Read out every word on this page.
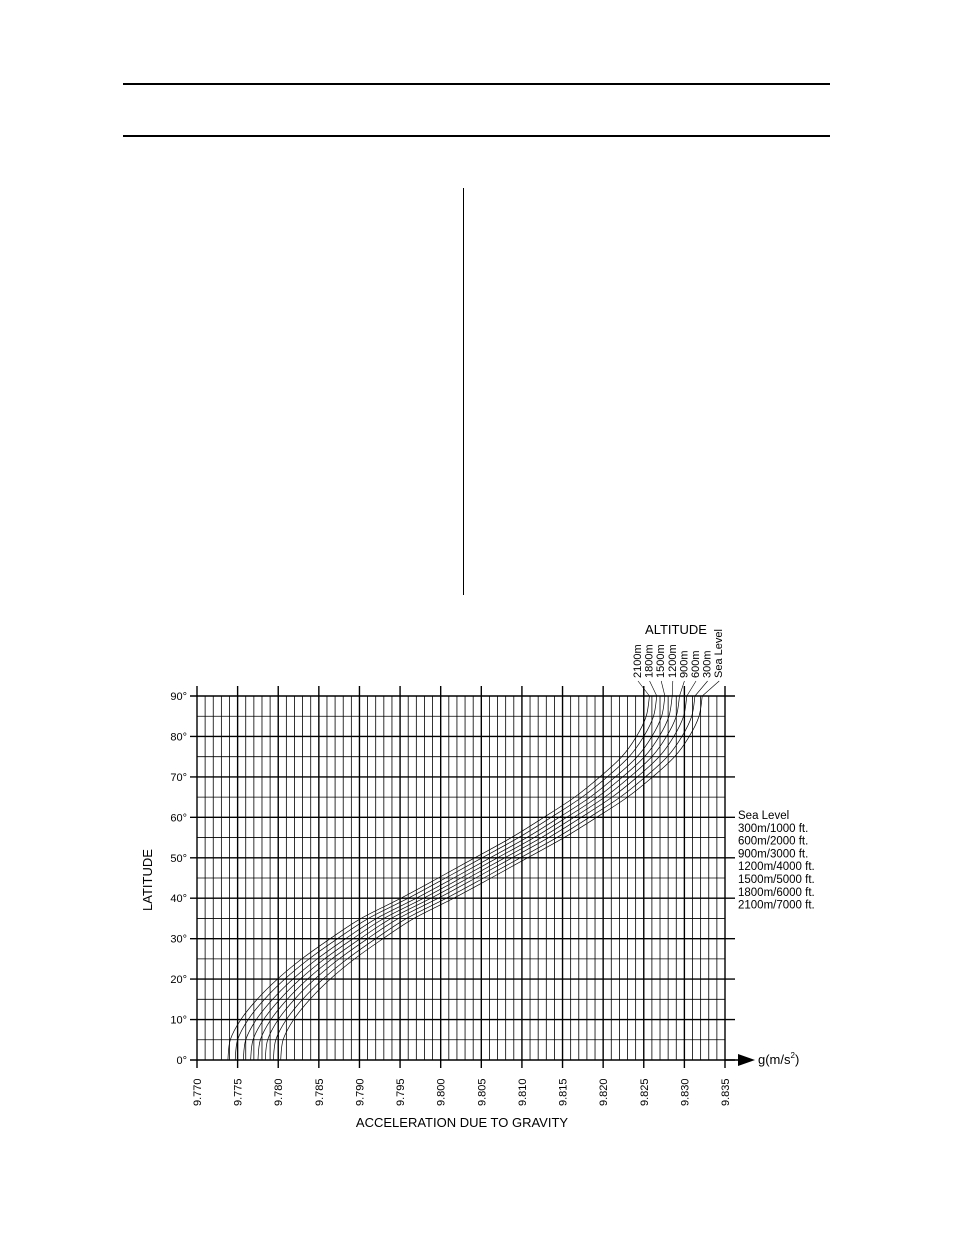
$g(m/s^2)$
LATITUDE
ACCELERATION DUE TO GRAVITY
ALTITUDE
9.770	9.775	9.780	9.785	9.790	9.795	9.800	9.805	9.810	9.815	9.820	9.825	9.830	9.835
0°
10°
20°
30°
40°
50°
60°
70°
80°
90°
2100m 1800m 1500m 1200m 900m 600m 300m Sea Level
Sea Level
300m/1000 ft.
600m/2000 ft.
900m/3000 ft.
1200m/4000 ft.
1500m/5000 ft.
1800m/6000 ft.
2100m/7000 ft.
